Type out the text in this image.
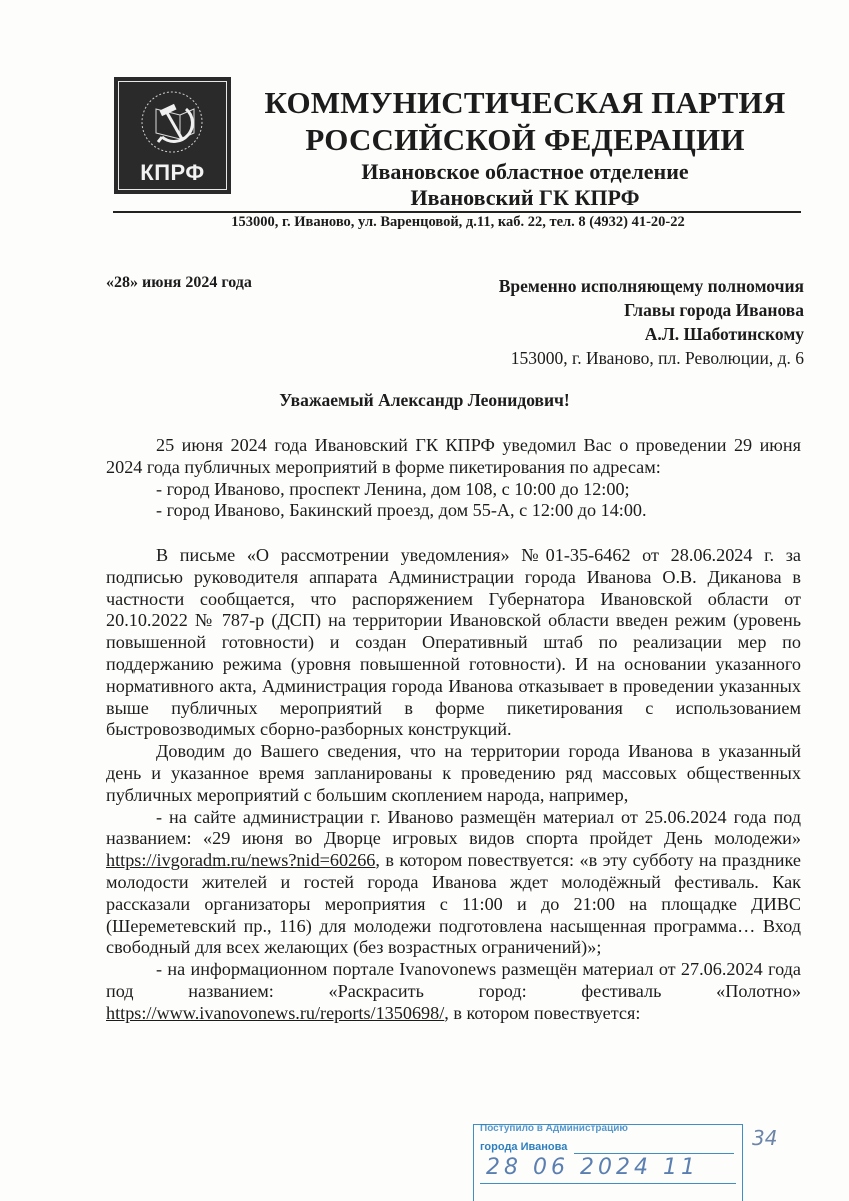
КПРФ
КОММУНИСТИЧЕСКАЯ ПАРТИЯ
РОССИЙСКОЙ ФЕДЕРАЦИИ
Ивановское областное отделение
Ивановский ГК КПРФ
153000, г. Иваново, ул. Варенцовой, д.11, каб. 22, тел. 8 (4932) 41-20-22
«28» июня 2024 года	Временно исполняющему полномочия
Главы города Иванова
А.Л. Шаботинскому
153000, г. Иваново, пл. Революции, д. 6
Уважаемый Александр Леонидович!

25 июня 2024 года Ивановский ГК КПРФ уведомил Вас о проведении 29 июня 2024 года публичных мероприятий в форме пикетирования по адресам:

- город Иваново, проспект Ленина, дом 108, с 10:00 до 12:00;

- город Иваново, Бакинский проезд, дом 55-А, с 12:00 до 14:00.

В письме «О рассмотрении уведомления» №01-35-6462 от 28.06.2024 г. за подписью руководителя аппарата Администрации города Иванова О.В. Диканова в частности сообщается, что распоряжением Губернатора Ивановской области от 20.10.2022 № 787-р (ДСП) на территории Ивановской области введен режим (уровень повышенной готовности) и создан Оперативный штаб по реализации мер по поддержанию режима (уровня повышенной готовности). И на основании указанного нормативного акта, Администрация города Иванова отказывает в проведении указанных выше публичных мероприятий в форме пикетирования с использованием быстровозводимых сборно-разборных конструкций.

Доводим до Вашего сведения, что на территории города Иванова в указанный день и указанное время запланированы к проведению ряд массовых общественных публичных мероприятий с большим скоплением народа, например,

- на сайте администрации г. Иваново размещён материал от 25.06.2024 года под названием: «29 июня во Дворце игровых видов спорта пройдет День молодежи» https://ivgoradm.ru/news?nid=60266, в котором повествуется: «в эту субботу на празднике молодости жителей и гостей города Иванова ждет молодёжный фестиваль. Как рассказали организаторы мероприятия с 11:00 и до 21:00 на площадке ДИВС (Шереметевский пр., 116) для молодежи подготовлена насыщенная программа… Вход свободный для всех желающих (без возрастных ограничений)»;

- на информационном портале Ivanovonews размещён материал от 27.06.2024 года под названием: «Раскрасить город: фестиваль «Полотно» https://www.ivanovonews.ru/reports/1350698/, в котором повествуется:

Поступило в Администрацию
города Иванова
28 06 2024 11
34
